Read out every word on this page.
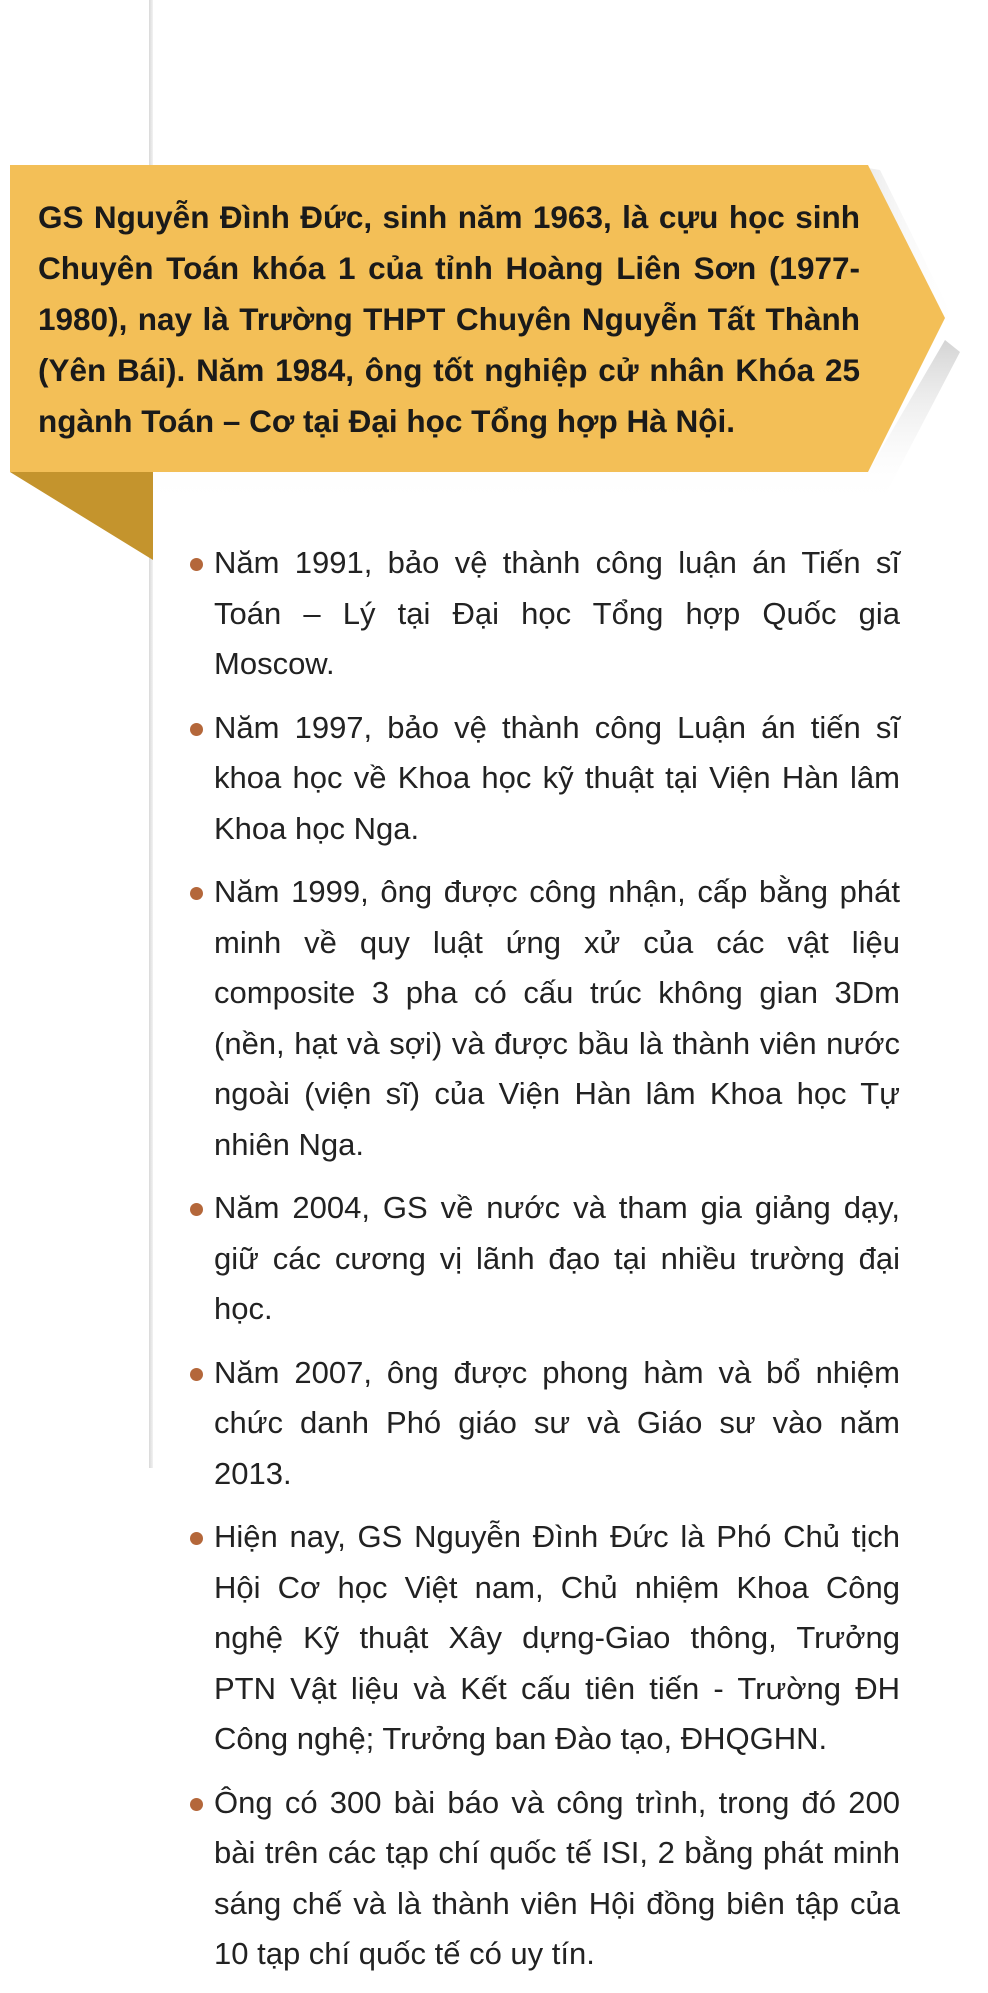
GS Nguyễn Đình Đức, sinh năm 1963, là cựu học sinh Chuyên Toán khóa 1 của tỉnh Hoàng Liên Sơn (1977-1980), nay là Trường THPT Chuyên Nguyễn Tất Thành (Yên Bái). Năm 1984, ông tốt nghiệp cử nhân Khóa 25 ngành Toán – Cơ tại Đại học Tổng hợp Hà Nội.

Năm 1991, bảo vệ thành công luận án Tiến sĩ Toán – Lý tại Đại học Tổng hợp Quốc gia Moscow.
Năm 1997, bảo vệ thành công Luận án tiến sĩ khoa học về Khoa học kỹ thuật tại Viện Hàn lâm Khoa học Nga.
Năm 1999, ông được công nhận, cấp bằng phát minh về quy luật ứng xử của các vật liệu composite 3 pha có cấu trúc không gian 3Dm (nền, hạt và sợi) và được bầu là thành viên nước ngoài (viện sĩ) của Viện Hàn lâm Khoa học Tự nhiên Nga.
Năm 2004, GS về nước và tham gia giảng dạy, giữ các cương vị lãnh đạo tại nhiều trường đại học.
Năm 2007, ông được phong hàm và bổ nhiệm chức danh Phó giáo sư và Giáo sư vào năm 2013.
Hiện nay, GS Nguyễn Đình Đức là Phó Chủ tịch Hội Cơ học Việt nam, Chủ nhiệm Khoa Công nghệ Kỹ thuật Xây dựng-Giao thông, Trưởng PTN Vật liệu và Kết cấu tiên tiến - Trường ĐH Công nghệ; Trưởng ban Đào tạo, ĐHQGHN.
Ông có 300 bài báo và công trình, trong đó 200 bài trên các tạp chí quốc tế ISI, 2 bằng phát minh sáng chế và là thành viên Hội đồng biên tập của 10 tạp chí quốc tế có uy tín.
